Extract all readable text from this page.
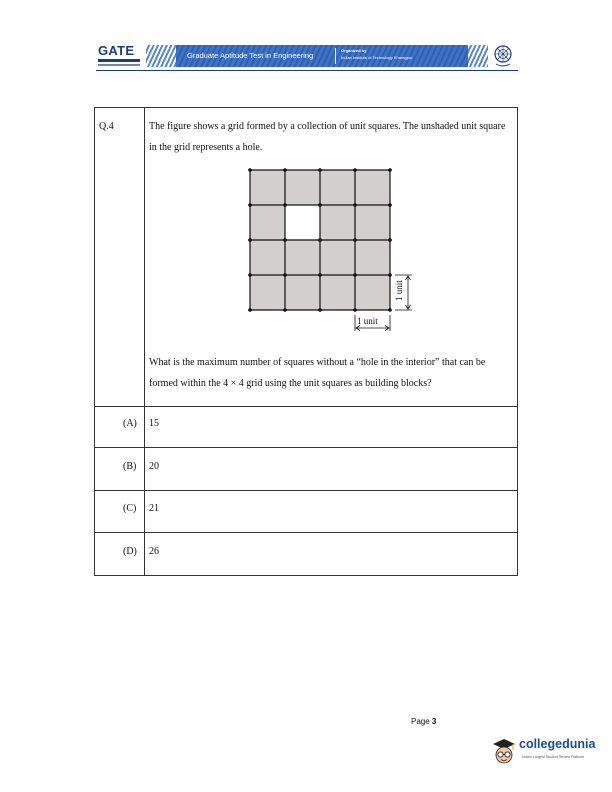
GATE	Graduate Aptitude Test in Engineering
Organized by
Indian Institute of Technology Kharagpur
Q.4	The figure shows a grid formed by a collection of unit squares. The unshaded unit square in the grid represents a hole.
1 unit
1 unit
What is the maximum number of squares without a “hole in the interior” that can be formed within the 4 × 4 grid using the unit squares as building blocks?
(A) 15
(B) 20
(C) 21
(D) 26
Page 3
collegedunia
India's Largest Student Review Platform
